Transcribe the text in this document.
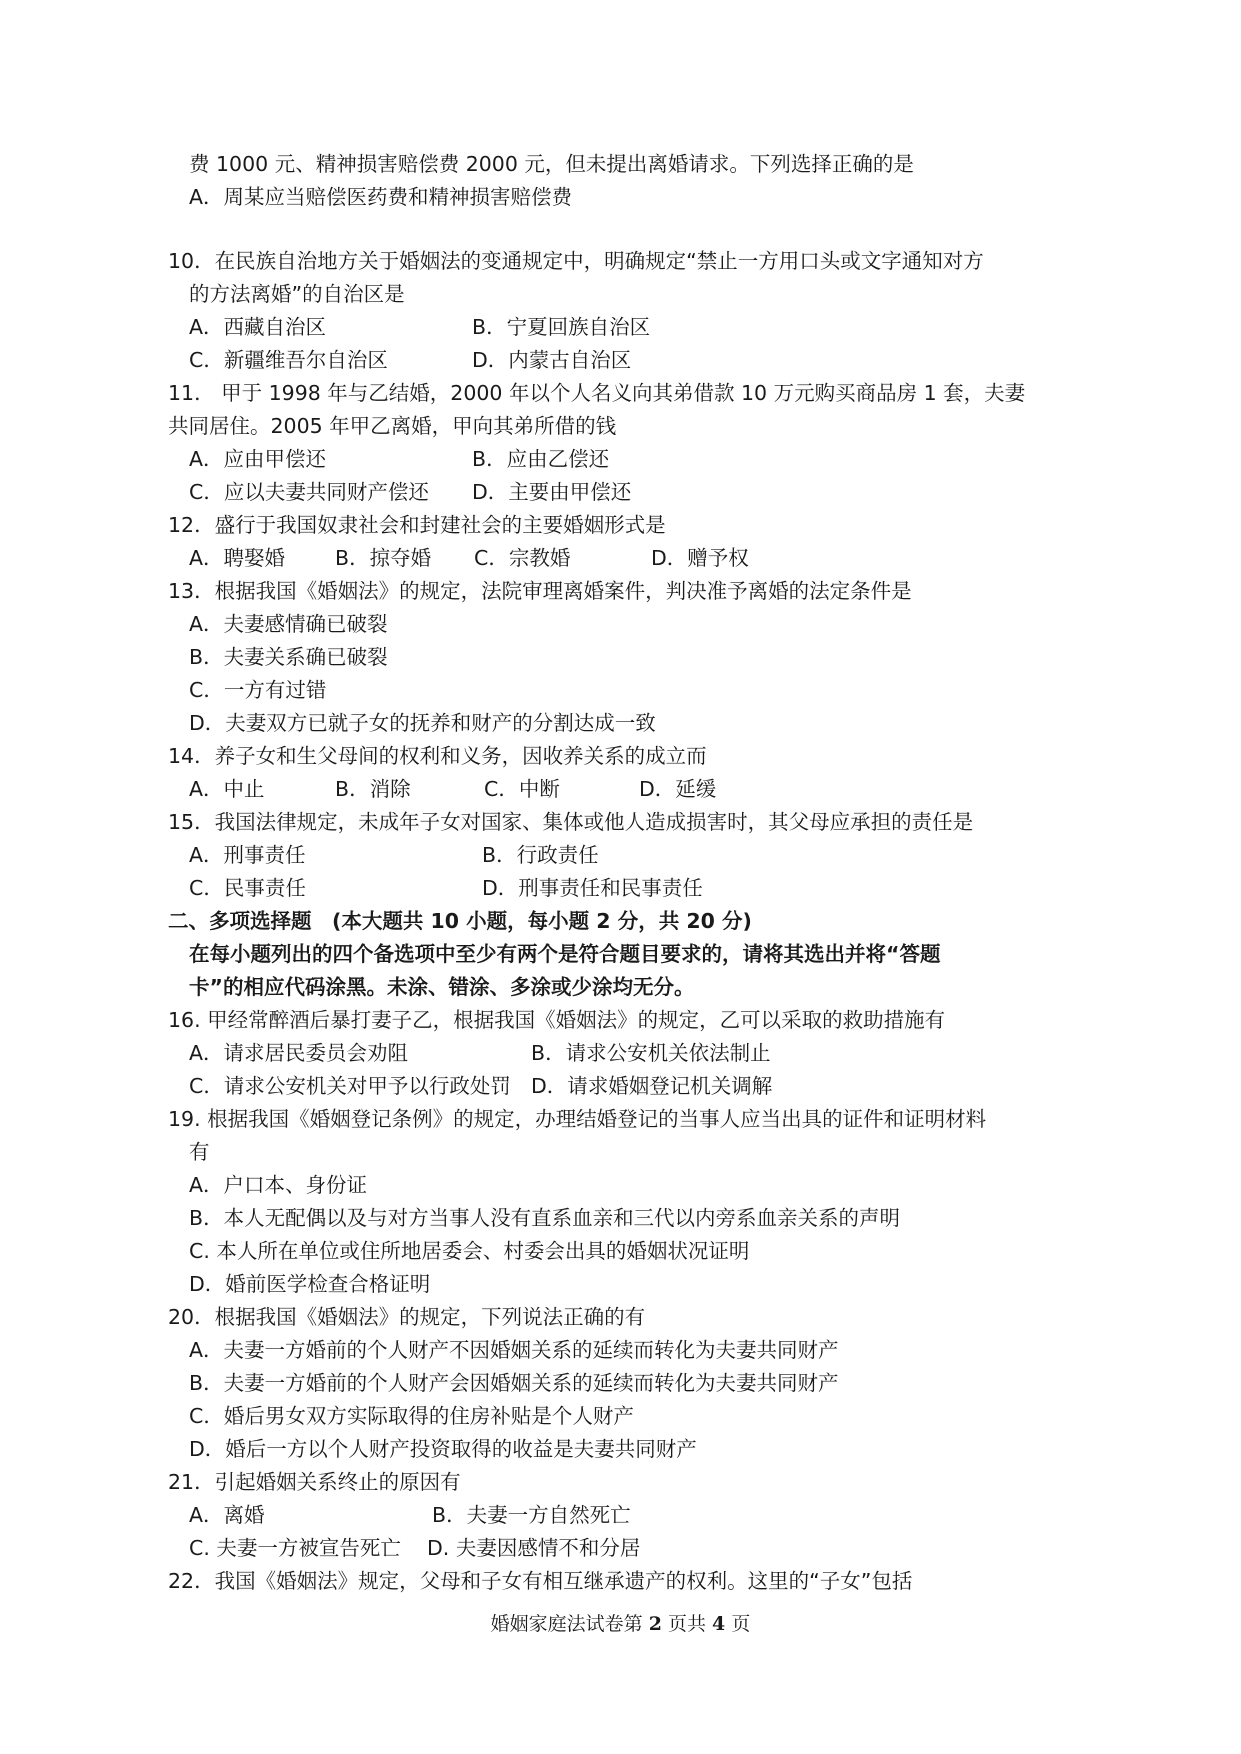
费 1000 元、精神损害赔偿费 2000 元，但未提出离婚请求。下列选择正确的是
A．周某应当赔偿医药费和精神损害赔偿费
10．在民族自治地方关于婚姻法的变通规定中，明确规定“禁止一方用口头或文字通知对方
的方法离婚”的自治区是
A．西藏自治区	B．宁夏回族自治区
C．新疆维吾尔自治区	D．内蒙古自治区
11． 甲于 1998 年与乙结婚，2000 年以个人名义向其弟借款 10 万元购买商品房 1 套，夫妻
共同居住。2005 年甲乙离婚，甲向其弟所借的钱
A．应由甲偿还	B．应由乙偿还
C．应以夫妻共同财产偿还 D．主要由甲偿还
12．盛行于我国奴隶社会和封建社会的主要婚姻形式是
A．聘娶婚 B．掠夺婚 C．宗教婚	D．赠予权
13．根据我国《婚姻法》的规定，法院审理离婚案件，判决准予离婚的法定条件是
A．夫妻感情确已破裂
B．夫妻关系确已破裂
C．一方有过错
D．夫妻双方已就子女的抚养和财产的分割达成一致
14．养子女和生父母间的权利和义务，因收养关系的成立而
A．中止	B．消除	C．中断	D．延缓
15．我国法律规定，未成年子女对国家、集体或他人造成损害时，其父母应承担的责任是
A．刑事责任	B．行政责任
C．民事责任	D．刑事责任和民事责任
二、多项选择题　(本大题共 10 小题，每小题 2 分，共 20 分)
在每小题列出的四个备选项中至少有两个是符合题目要求的，请将其选出并将“答题
卡”的相应代码涂黑。未涂、错涂、多涂或少涂均无分。
16. 甲经常醉酒后暴打妻子乙，根据我国《婚姻法》的规定，乙可以采取的救助措施有
A．请求居民委员会劝阻	B．请求公安机关依法制止
C．请求公安机关对甲予以行政处罚 D．请求婚姻登记机关调解
19. 根据我国《婚姻登记条例》的规定，办理结婚登记的当事人应当出具的证件和证明材料
有
A．户口本、身份证
B．本人无配偶以及与对方当事人没有直系血亲和三代以内旁系血亲关系的声明
C. 本人所在单位或住所地居委会、村委会出具的婚姻状况证明
D．婚前医学检查合格证明
20．根据我国《婚姻法》的规定，下列说法正确的有
A．夫妻一方婚前的个人财产不因婚姻关系的延续而转化为夫妻共同财产
B．夫妻一方婚前的个人财产会因婚姻关系的延续而转化为夫妻共同财产
C．婚后男女双方实际取得的住房补贴是个人财产
D．婚后一方以个人财产投资取得的收益是夫妻共同财产
21．引起婚姻关系终止的原因有
A．离婚	B．夫妻一方自然死亡
C. 夫妻一方被宣告死亡 D. 夫妻因感情不和分居
22．我国《婚姻法》规定，父母和子女有相互继承遗产的权利。这里的“子女”包括
婚姻家庭法试卷第 2 页共 4 页
